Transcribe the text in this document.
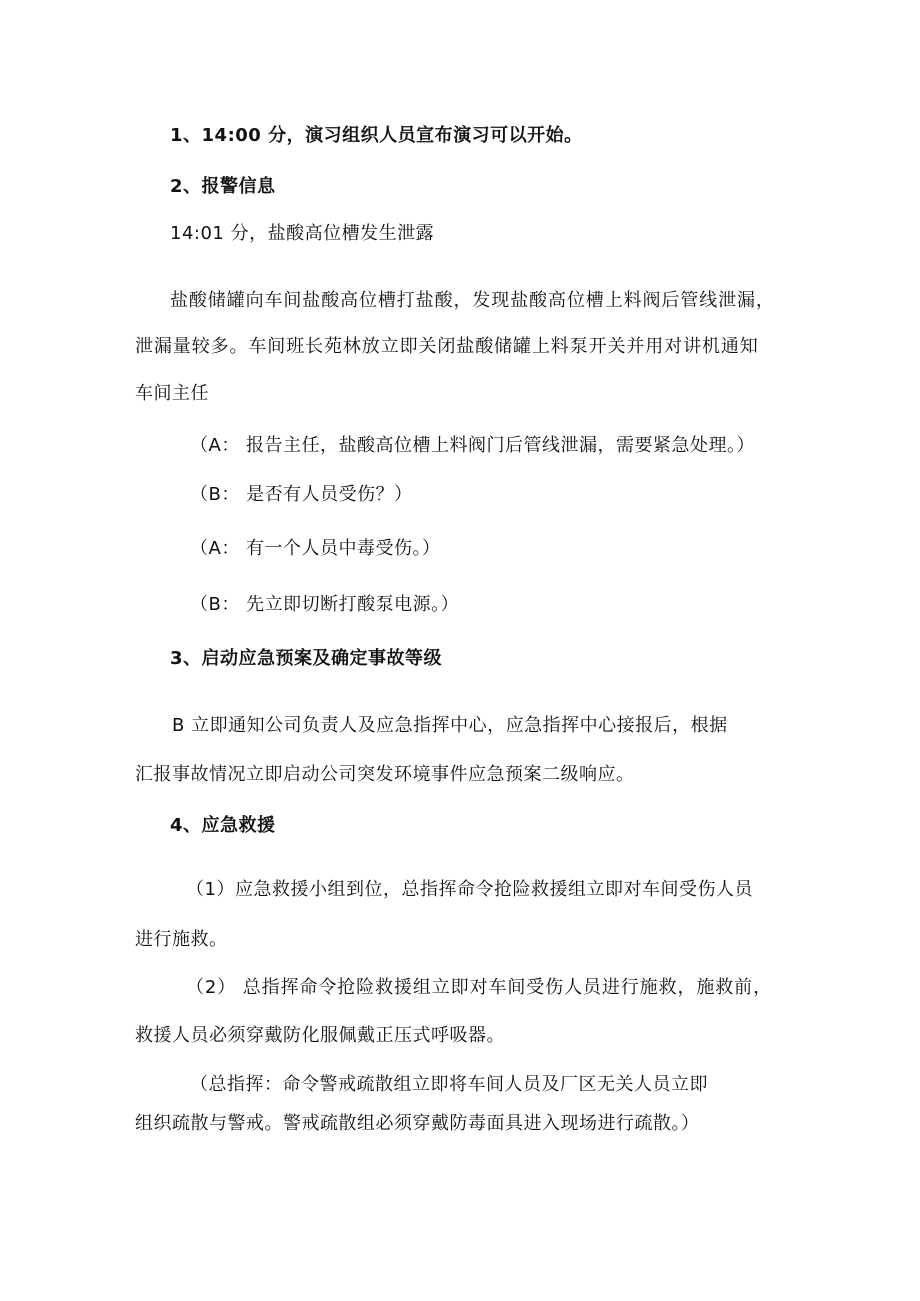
1、14:00 分，演习组织人员宣布演习可以开始。
2、报警信息
14:01 分，盐酸高位槽发生泄露
盐酸储罐向车间盐酸高位槽打盐酸，发现盐酸高位槽上料阀后管线泄漏，
泄漏量较多。车间班长苑林放立即关闭盐酸储罐上料泵开关并用对讲机通知
车间主任
（A： 报告主任，盐酸高位槽上料阀门后管线泄漏，需要紧急处理。）
（B： 是否有人员受伤？）
（A： 有一个人员中毒受伤。）
（B： 先立即切断打酸泵电源。）
3、启动应急预案及确定事故等级
B 立即通知公司负责人及应急指挥中心，应急指挥中心接报后，根据
汇报事故情况立即启动公司突发环境事件应急预案二级响应。
4、应急救援
（1）应急救援小组到位，总指挥命令抢险救援组立即对车间受伤人员
进行施救。
（2） 总指挥命令抢险救援组立即对车间受伤人员进行施救，施救前，
救援人员必须穿戴防化服佩戴正压式呼吸器。
（总指挥：命令警戒疏散组立即将车间人员及厂区无关人员立即
组织疏散与警戒。警戒疏散组必须穿戴防毒面具进入现场进行疏散。）
